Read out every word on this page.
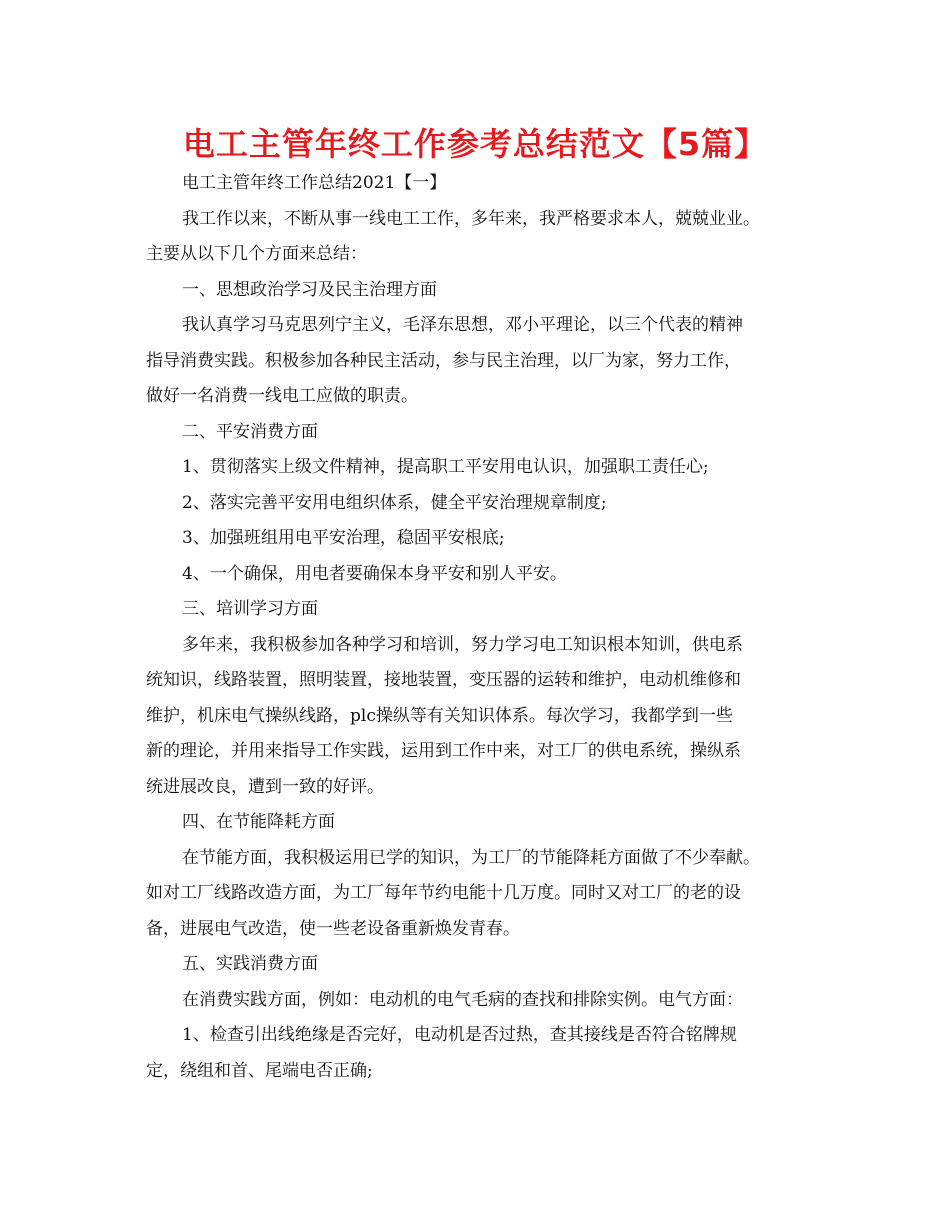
电工主管年终工作参考总结范文【5篇】
电工主管年终工作总结2021【一】
我工作以来，不断从事一线电工工作，多年来，我严格要求本人，兢兢业业。
主要从以下几个方面来总结：
一、思想政治学习及民主治理方面
我认真学习马克思列宁主义，毛泽东思想，邓小平理论，以三个代表的精神
指导消费实践。积极参加各种民主活动，参与民主治理，以厂为家，努力工作，
做好一名消费一线电工应做的职责。
二、平安消费方面
1、贯彻落实上级文件精神，提高职工平安用电认识，加强职工责任心;
2、落实完善平安用电组织体系，健全平安治理规章制度;
3、加强班组用电平安治理，稳固平安根底;
4、一个确保，用电者要确保本身平安和别人平安。
三、培训学习方面
多年来，我积极参加各种学习和培训，努力学习电工知识根本知训，供电系
统知识，线路装置，照明装置，接地装置，变压器的运转和维护，电动机维修和
维护，机床电气操纵线路，plc操纵等有关知识体系。每次学习，我都学到一些
新的理论，并用来指导工作实践，运用到工作中来，对工厂的供电系统，操纵系
统进展改良，遭到一致的好评。
四、在节能降耗方面
在节能方面，我积极运用已学的知识，为工厂的节能降耗方面做了不少奉献。
如对工厂线路改造方面，为工厂每年节约电能十几万度。同时又对工厂的老的设
备，进展电气改造，使一些老设备重新焕发青春。
五、实践消费方面
在消费实践方面，例如：电动机的电气毛病的查找和排除实例。电气方面：
1、检查引出线绝缘是否完好，电动机是否过热，查其接线是否符合铭牌规
定，绕组和首、尾端电否正确;
